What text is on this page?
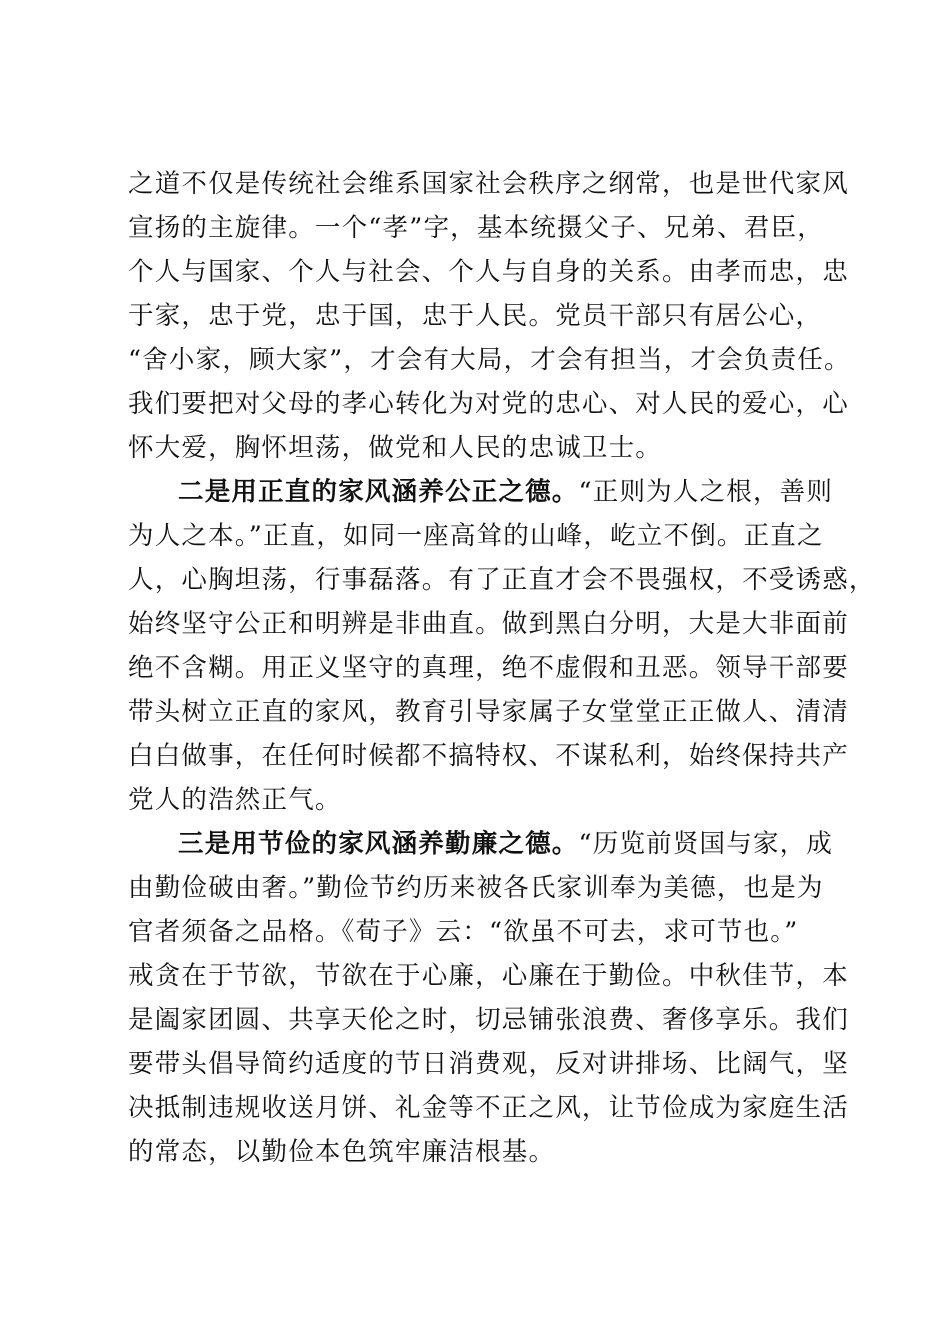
之道不仅是传统社会维系国家社会秩序之纲常，也是世代家风
宣扬的主旋律。一个“孝”字，基本统摄父子、兄弟、君臣，
个人与国家、个人与社会、个人与自身的关系。由孝而忠，忠
于家，忠于党，忠于国，忠于人民。党员干部只有居公心，
“舍小家，顾大家”，才会有大局，才会有担当，才会负责任。
我们要把对父母的孝心转化为对党的忠心、对人民的爱心，心
怀大爱，胸怀坦荡，做党和人民的忠诚卫士。
二是用正直的家风涵养公正之德。“正则为人之根，善则
为人之本。”正直，如同一座高耸的山峰，屹立不倒。正直之
人，心胸坦荡，行事磊落。有了正直才会不畏强权，不受诱惑，
始终坚守公正和明辨是非曲直。做到黑白分明，大是大非面前
绝不含糊。用正义坚守的真理，绝不虚假和丑恶。领导干部要
带头树立正直的家风，教育引导家属子女堂堂正正做人、清清
白白做事，在任何时候都不搞特权、不谋私利，始终保持共产
党人的浩然正气。
三是用节俭的家风涵养勤廉之德。“历览前贤国与家，成
由勤俭破由奢。”勤俭节约历来被各氏家训奉为美德，也是为
官者须备之品格。《荀子》云：“欲虽不可去，求可节也。”
戒贪在于节欲，节欲在于心廉，心廉在于勤俭。中秋佳节，本
是阖家团圆、共享天伦之时，切忌铺张浪费、奢侈享乐。我们
要带头倡导简约适度的节日消费观，反对讲排场、比阔气，坚
决抵制违规收送月饼、礼金等不正之风，让节俭成为家庭生活
的常态，以勤俭本色筑牢廉洁根基。
